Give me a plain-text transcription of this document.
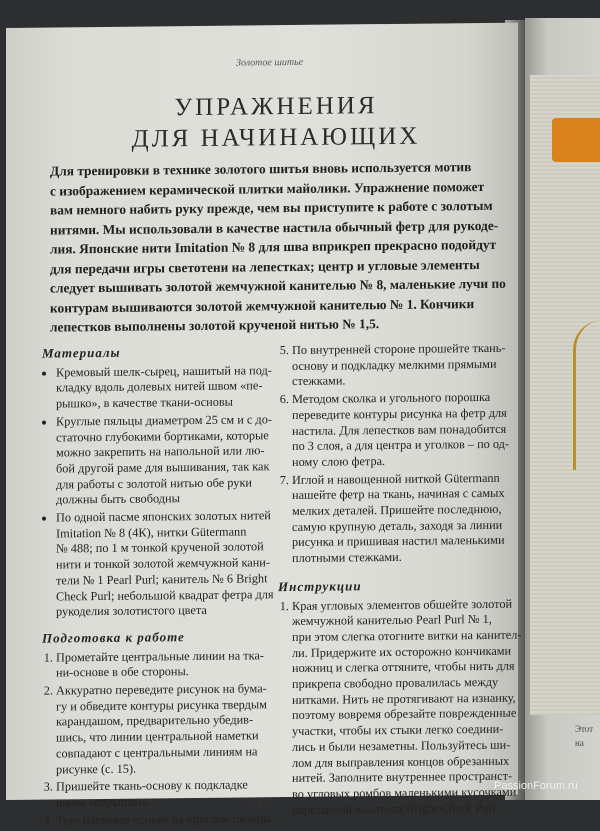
Этот
на
Золотое шитье
УПРАЖНЕНИЯ
ДЛЯ НАЧИНАЮЩИХ
Для тренировки в технике золотого шитья вновь используется мотив
с изображением керамической плитки майолики. Упражнение поможет
вам немного набить руку прежде, чем вы приступите к работе с золотым
нитями. Мы использовали в качестве настила обычный фетр для рукоде-
лия. Японские нити Imitation № 8 для шва вприкреп прекрасно подойдут
для передачи игры светотени на лепестках; центр и угловые элементы
следует вышивать золотой жемчужной канителью № 8, маленькие лучи по
контурам вышиваются золотой жемчужной канителью № 1. Кончики
лепестков выполнены золотой крученой нитью № 1,5.
Материалы
• Кремовый шелк-сырец, нашитый на под-
кладку вдоль долевых нитей швом «пе-
рышко», в качестве ткани-основы
• Круглые пяльцы диаметром 25 см и с до-
статочно глубокими бортиками, которые
можно закрепить на напольной или лю-
бой другой раме для вышивания, так как
для работы с золотой нитью обе руки
должны быть свободны
• По одной пасме японских золотых нитей
Imitation № 8 (4К), нитки Gütermann
№ 488; по 1 м тонкой крученой золотой
нити и тонкой золотой жемчужной кани-
тели № 1 Pearl Purl; канитель № 6 Bright
Check Purl; небольшой квадрат фетра для
рукоделия золотистого цвета
Подготовка к работе
1. Прометайте центральные линии на тка-
ни-основе в обе стороны.
2. Аккуратно переведите рисунок на бума-
гу и обведите контуры рисунка твердым
карандашом, предварительно убедив-
шись, что линии центральной наметки
совпадают с центральными линиям на
рисунке (с. 15).
3. Пришейте ткань-основу к подкладке
швом «перышко».
4. Туго натяните основу на круглые пяльцы.
5. По внутренней стороне прошейте ткань-
основу и подкладку мелкими прямыми
стежками.
6. Методом сколка и угольного порошка
переведите контуры рисунка на фетр для
настила. Для лепестков вам понадобится
по 3 слоя, а для центра и уголков – по од-
ному слою фетра.
7. Иглой и навощенной ниткой Gütermann
нашейте фетр на ткань, начиная с самых
мелких деталей. Пришейте последнюю,
самую крупную деталь, заходя за линии
рисунка и пришивая настил маленькими
плотными стежками.
Инструкции
1. Края угловых элементов обшейте золотой
жемчужной канителью Pearl Purl № 1,
при этом слегка отогните витки на канител-
ли. Придержите их осторожно кончиками
ножниц и слегка оттяните, чтобы нить для
прикрепа свободно провалилась между
нитками. Нить не протягивают на изнанку,
поэтому вовремя обрезайте поврежденные
участки, чтобы их стыки легко соедини-
лись и были незаметны. Пользуйтесь ши-
лом для выправления концов обрезанных
нитей. Заполните внутреннее пространст-
во угловых ромбов маленькими кусочками
нарезанной канители Bright Check Purl.
118
PassionForum.ru
